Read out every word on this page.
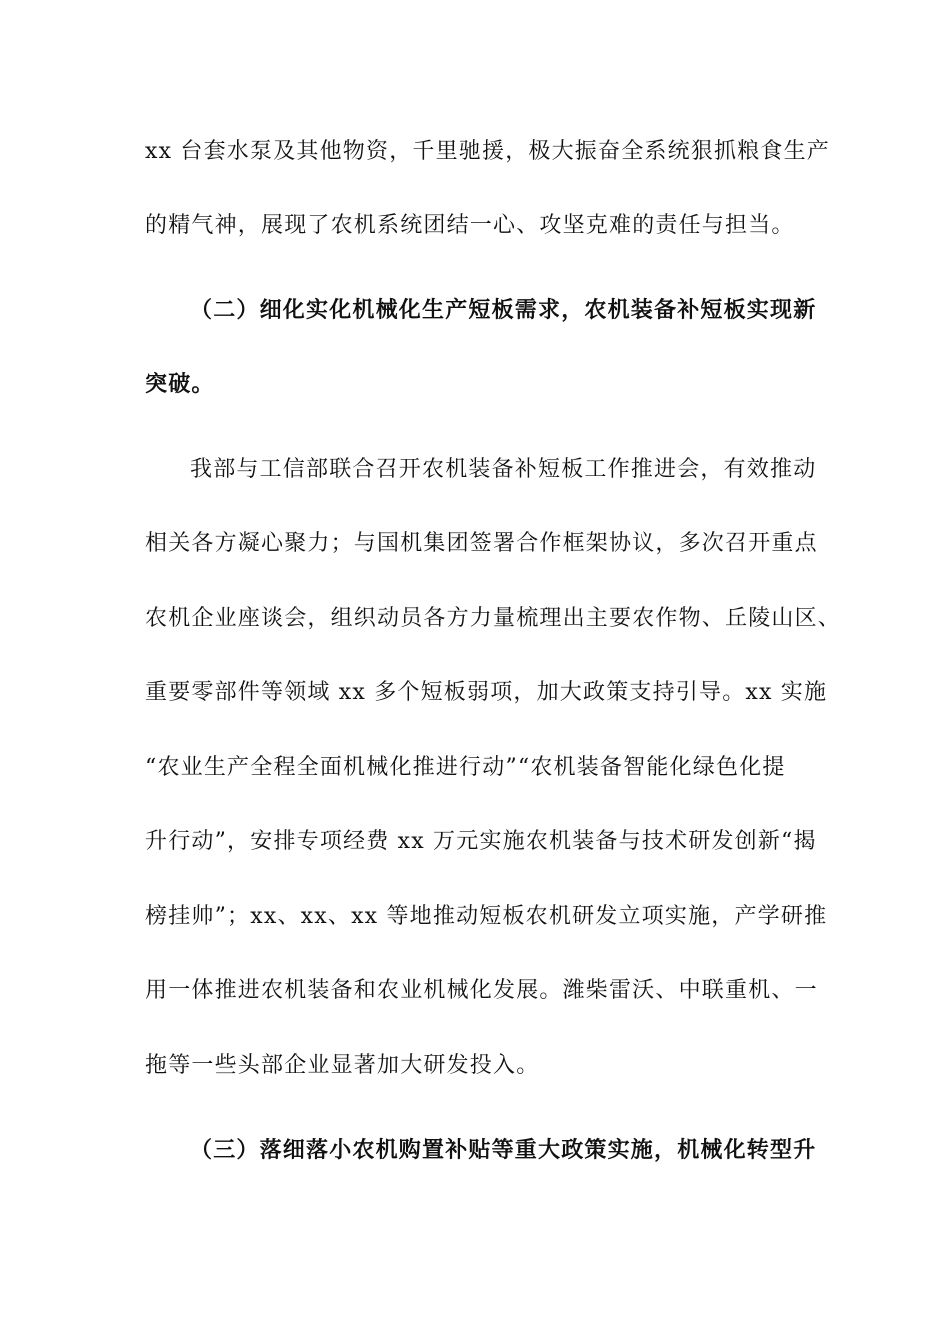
xx 台套水泵及其他物资，千里驰援，极大振奋全系统狠抓粮食生产
的精气神，展现了农机系统团结一心、攻坚克难的责任与担当。
（二）细化实化机械化生产短板需求，农机装备补短板实现新
突破。
我部与工信部联合召开农机装备补短板工作推进会，有效推动
相关各方凝心聚力；与国机集团签署合作框架协议，多次召开重点
农机企业座谈会，组织动员各方力量梳理出主要农作物、丘陵山区、
重要零部件等领域 xx 多个短板弱项，加大政策支持引导。xx 实施
“农业生产全程全面机械化推进行动”“农机装备智能化绿色化提
升行动”，安排专项经费 xx 万元实施农机装备与技术研发创新“揭
榜挂帅”；xx、xx、xx 等地推动短板农机研发立项实施，产学研推
用一体推进农机装备和农业机械化发展。潍柴雷沃、中联重机、一
拖等一些头部企业显著加大研发投入。
（三）落细落小农机购置补贴等重大政策实施，机械化转型升
